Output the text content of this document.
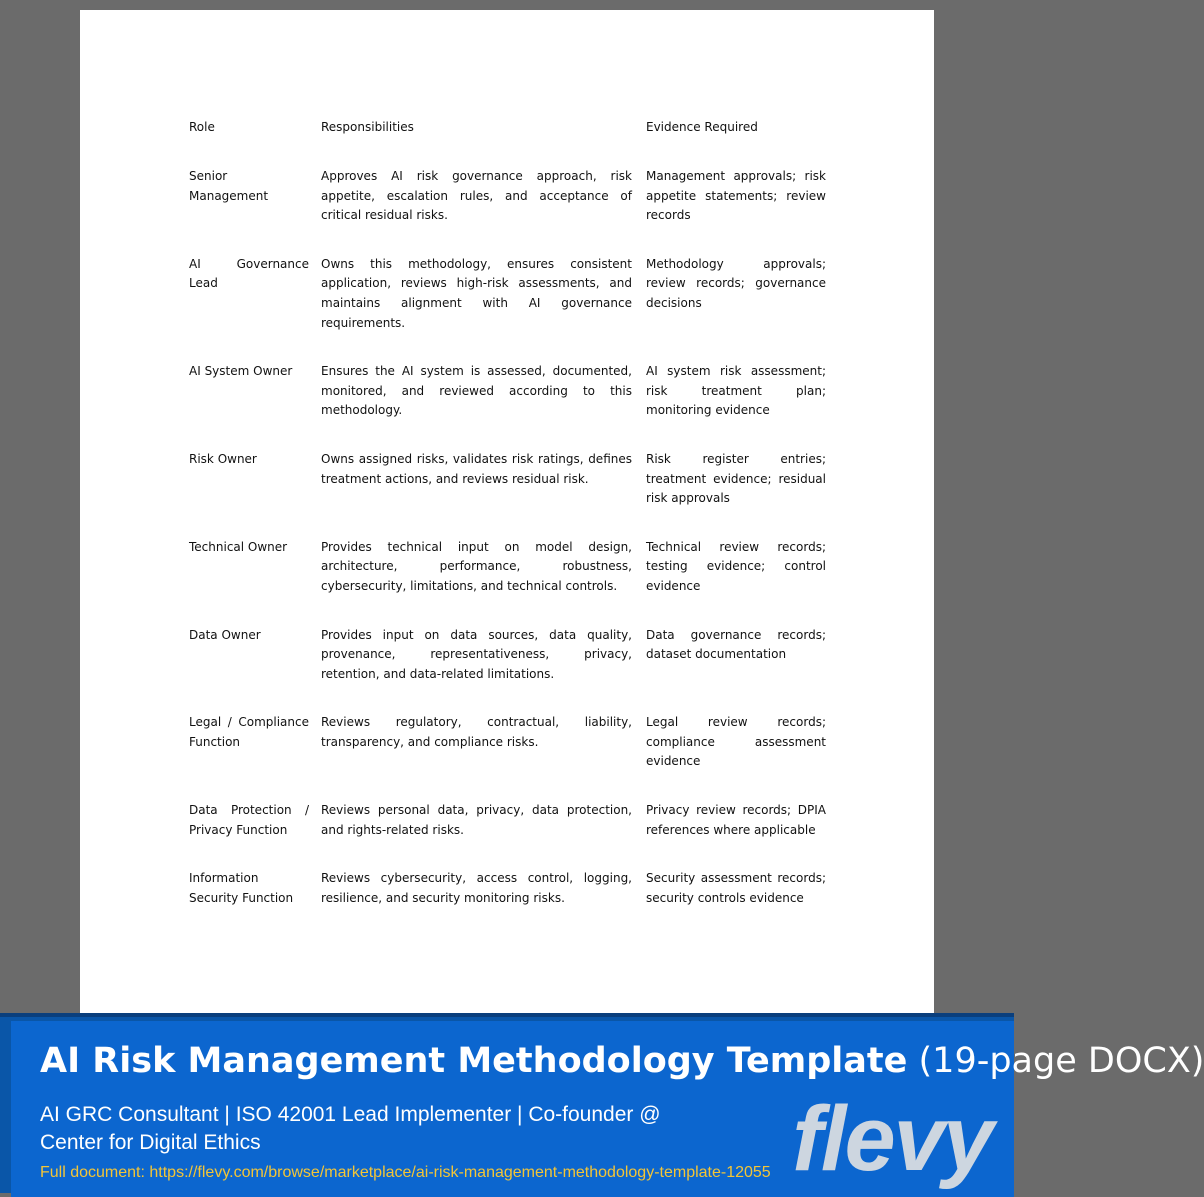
Role	Responsibilities	Evidence Required
Senior Management	Approves AI risk governance approach, risk appetite, escalation rules, and acceptance of critical residual risks.	Management approvals; risk appetite statements; review records
AI Governance Lead	Owns this methodology, ensures consistent application, reviews high-risk assessments, and maintains alignment with AI governance requirements.	Methodology approvals; review records; governance decisions
AI System Owner	Ensures the AI system is assessed, documented, monitored, and reviewed according to this methodology.	AI system risk assessment; risk treatment plan; monitoring evidence
Risk Owner	Owns assigned risks, validates risk ratings, defines treatment actions, and reviews residual risk.	Risk register entries; treatment evidence; residual risk approvals
Technical Owner	Provides technical input on model design, architecture, performance, robustness, cybersecurity, limitations, and technical controls.	Technical review records; testing evidence; control evidence
Data Owner	Provides input on data sources, data quality, provenance, representativeness, privacy, retention, and data-related limitations.	Data governance records; dataset documentation
Legal / Compliance Function	Reviews regulatory, contractual, liability, transparency, and compliance risks.	Legal review records; compliance assessment evidence
Data Protection / Privacy Function	Reviews personal data, privacy, data protection, and rights-related risks.	Privacy review records; DPIA references where applicable
Information Security Function	Reviews cybersecurity, access control, logging, resilience, and security monitoring risks.	Security assessment records; security controls evidence
AI Risk Management Methodology Template (19-page DOCX)
AI GRC Consultant | ISO 42001 Lead Implementer | Co-founder @ Center for Digital Ethics
Full document: https://flevy.com/browse/marketplace/ai-risk-management-methodology-template-12055 flevy
